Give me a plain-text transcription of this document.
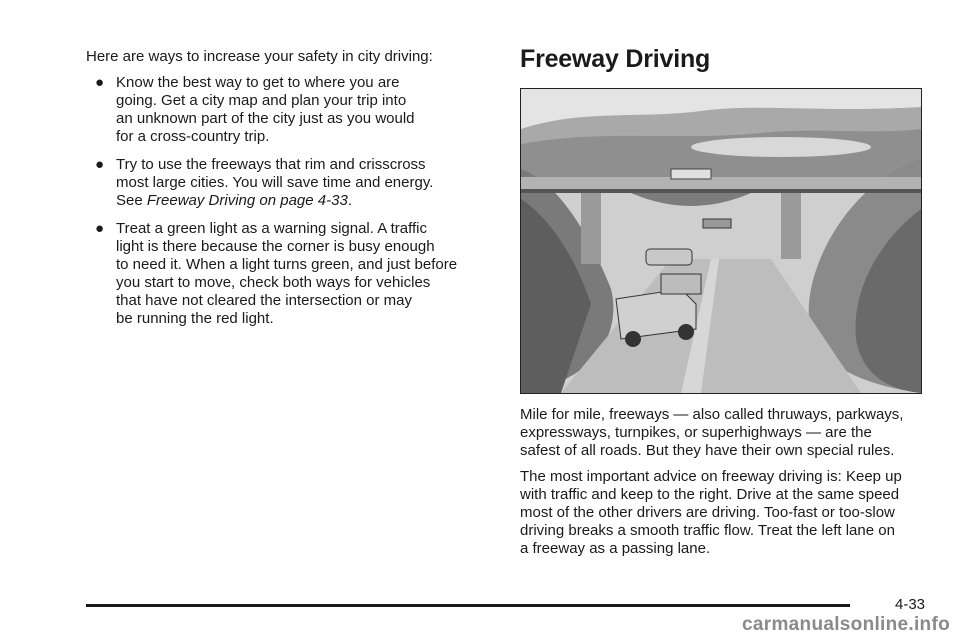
Here are ways to increase your safety in city driving:

● Know the best way to get to where you are
going. Get a city map and plan your trip into
an unknown part of the city just as you would
for a cross-country trip.

● Try to use the freeways that rim and crisscross
most large cities. You will save time and energy.
See Freeway Driving on page 4-33.

● Treat a green light as a warning signal. A traffic
light is there because the corner is busy enough
to need it. When a light turns green, and just before
you start to move, check both ways for vehicles
that have not cleared the intersection or may
be running the red light.

Freeway Driving

Mile for mile, freeways — also called thruways, parkways,
expressways, turnpikes, or superhighways — are the
safest of all roads. But they have their own special rules.

The most important advice on freeway driving is: Keep up
with traffic and keep to the right. Drive at the same speed
most of the other drivers are driving. Too-fast or too-slow
driving breaks a smooth traffic flow. Treat the left lane on
a freeway as a passing lane.

4-33
carmanualsonline.info
